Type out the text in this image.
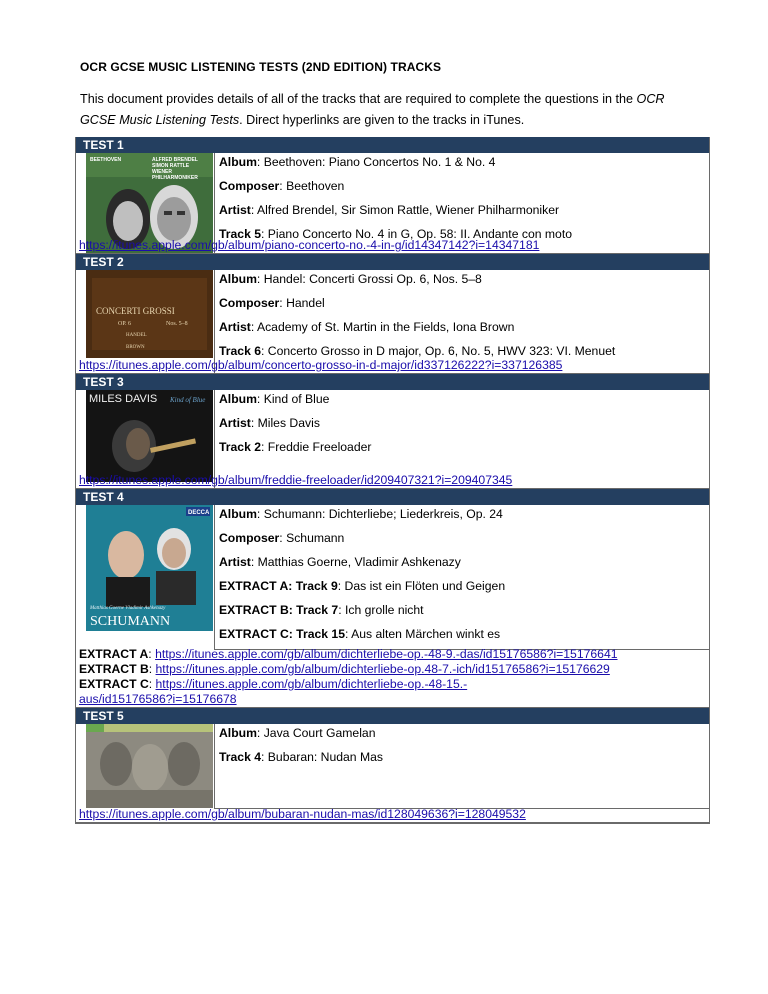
OCR GCSE MUSIC LISTENING TESTS (2ND EDITION) TRACKS

This document provides details of all of the tracks that are required to complete the questions in the OCR GCSE Music Listening Tests. Direct hyperlinks are given to the tracks in iTunes.

TEST 1
BEETHOVEN	ALFRED BRENDEL
SIMON RATTLE
WIENER
PHILHARMONIKER
Album: Beethoven: Piano Concertos No. 1 & No. 4
Composer: Beethoven
Artist: Alfred Brendel, Sir Simon Rattle, Wiener Philharmoniker
Track 5: Piano Concerto No. 4 in G, Op. 58: II. Andante con moto
https://itunes.apple.com/gb/album/piano-concerto-no.-4-in-g/id14347142?i=14347181
TEST 2
CONCERTI GROSSI
OP. 6	Nos. 5–8
HANDEL
BROWN
Album: Handel: Concerti Grossi Op. 6, Nos. 5–8
Composer: Handel
Artist: Academy of St. Martin in the Fields, Iona Brown
Track 6: Concerto Grosso in D major, Op. 6, No. 5, HWV 323: VI. Menuet
https://itunes.apple.com/gb/album/concerto-grosso-in-d-major/id337126222?i=337126385
TEST 3
MILES DAVIS Kind of Blue	Album: Kind of Blue
Artist: Miles Davis
Track 2: Freddie Freeloader
https://itunes.apple.com/gb/album/freddie-freeloader/id209407321?i=209407345
TEST 4
DECCA
Matthias Goerne Vladimir Ashkenazy
SCHUMANN
Album: Schumann: Dichterliebe; Liederkreis, Op. 24
Composer: Schumann
Artist: Matthias Goerne, Vladimir Ashkenazy
EXTRACT A: Track 9: Das ist ein Flöten und Geigen
EXTRACT B: Track 7: Ich grolle nicht
EXTRACT C: Track 15: Aus alten Märchen winkt es
EXTRACT A: https://itunes.apple.com/gb/album/dichterliebe-op.-48-9.-das/id15176586?i=15176641
EXTRACT B: https://itunes.apple.com/gb/album/dichterliebe-op.48-7.-ich/id15176586?i=15176629
EXTRACT C: https://itunes.apple.com/gb/album/dichterliebe-op.-48-15.-
aus/id15176586?i=15176678
TEST 5
Album: Java Court Gamelan
Track 4: Bubaran: Nudan Mas
https://itunes.apple.com/gb/album/bubaran-nudan-mas/id128049636?i=128049532
